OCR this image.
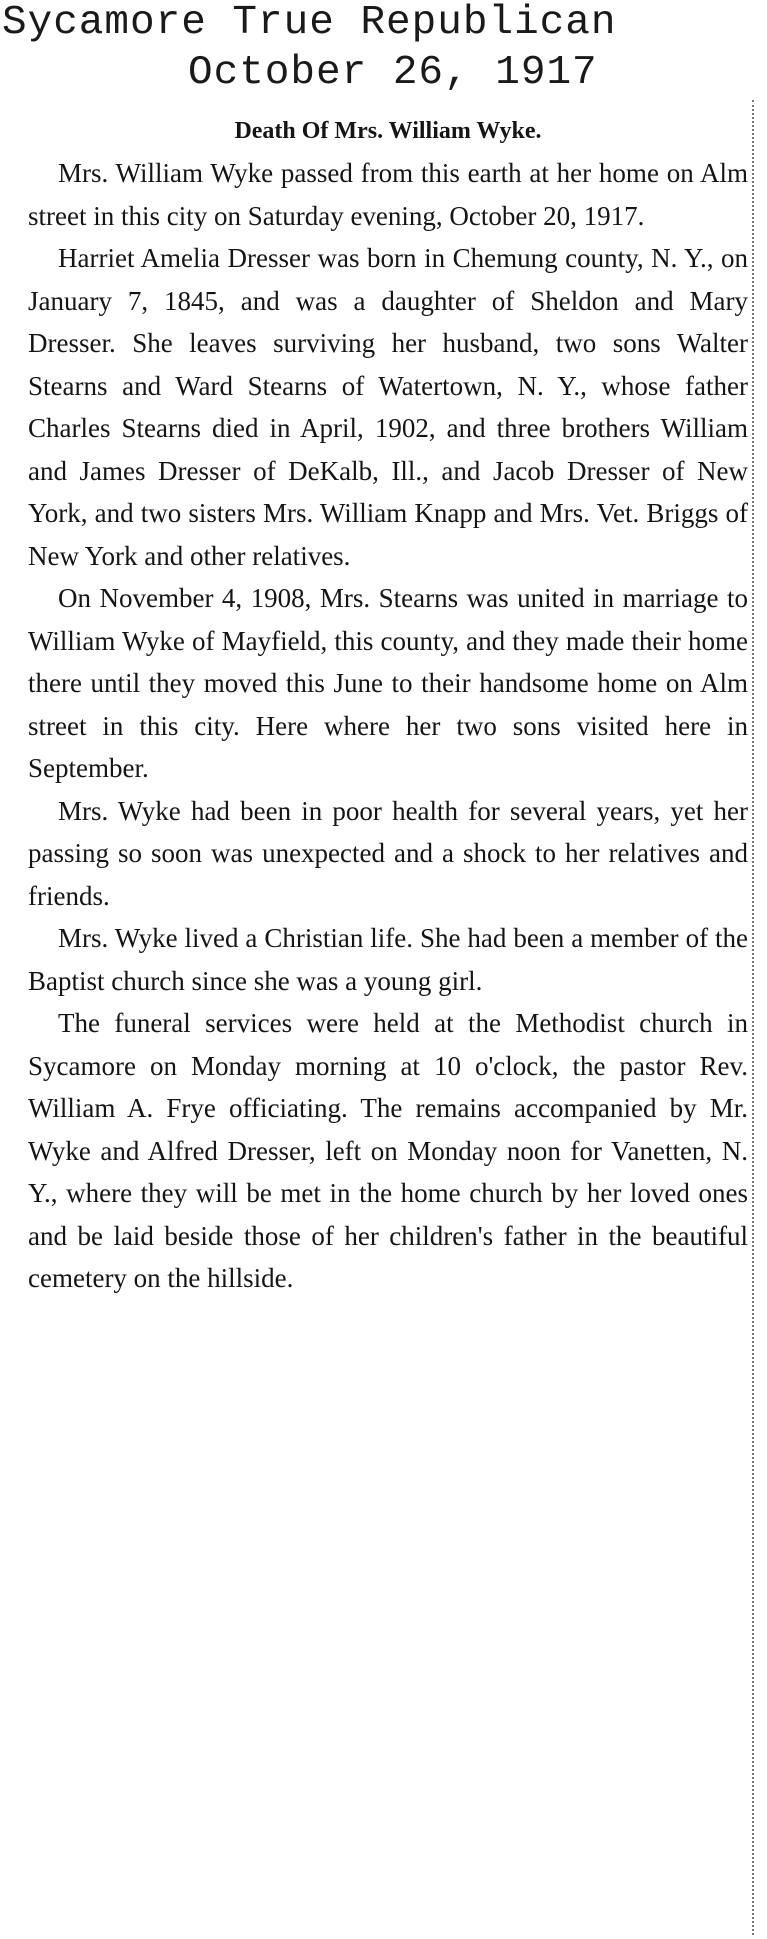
Sycamore True Republican
October 26, 1917
Death Of Mrs. William Wyke.

Mrs. William Wyke passed from this earth at her home on Alm street in this city on Saturday evening, October 20, 1917.

Harriet Amelia Dresser was born in Chemung county, N. Y., on January 7, 1845, and was a daughter of Sheldon and Mary Dresser. She leaves surviving her husband, two sons Walter Stearns and Ward Stearns of Watertown, N. Y., whose father Charles Stearns died in April, 1902, and three brothers William and James Dresser of DeKalb, Ill., and Jacob Dresser of New York, and two sisters Mrs. William Knapp and Mrs. Vet. Briggs of New York and other relatives.

On November 4, 1908, Mrs. Stearns was united in marriage to William Wyke of Mayfield, this county, and they made their home there until they moved this June to their handsome home on Alm street in this city. Here where her two sons visited here in September.

Mrs. Wyke had been in poor health for several years, yet her passing so soon was unexpected and a shock to her relatives and friends.

Mrs. Wyke lived a Christian life. She had been a member of the Baptist church since she was a young girl.

The funeral services were held at the Methodist church in Sycamore on Monday morning at 10 o'clock, the pastor Rev. William A. Frye officiating. The remains accompanied by Mr. Wyke and Alfred Dresser, left on Monday noon for Vanetten, N. Y., where they will be met in the home church by her loved ones and be laid beside those of her children's father in the beautiful cemetery on the hillside.
